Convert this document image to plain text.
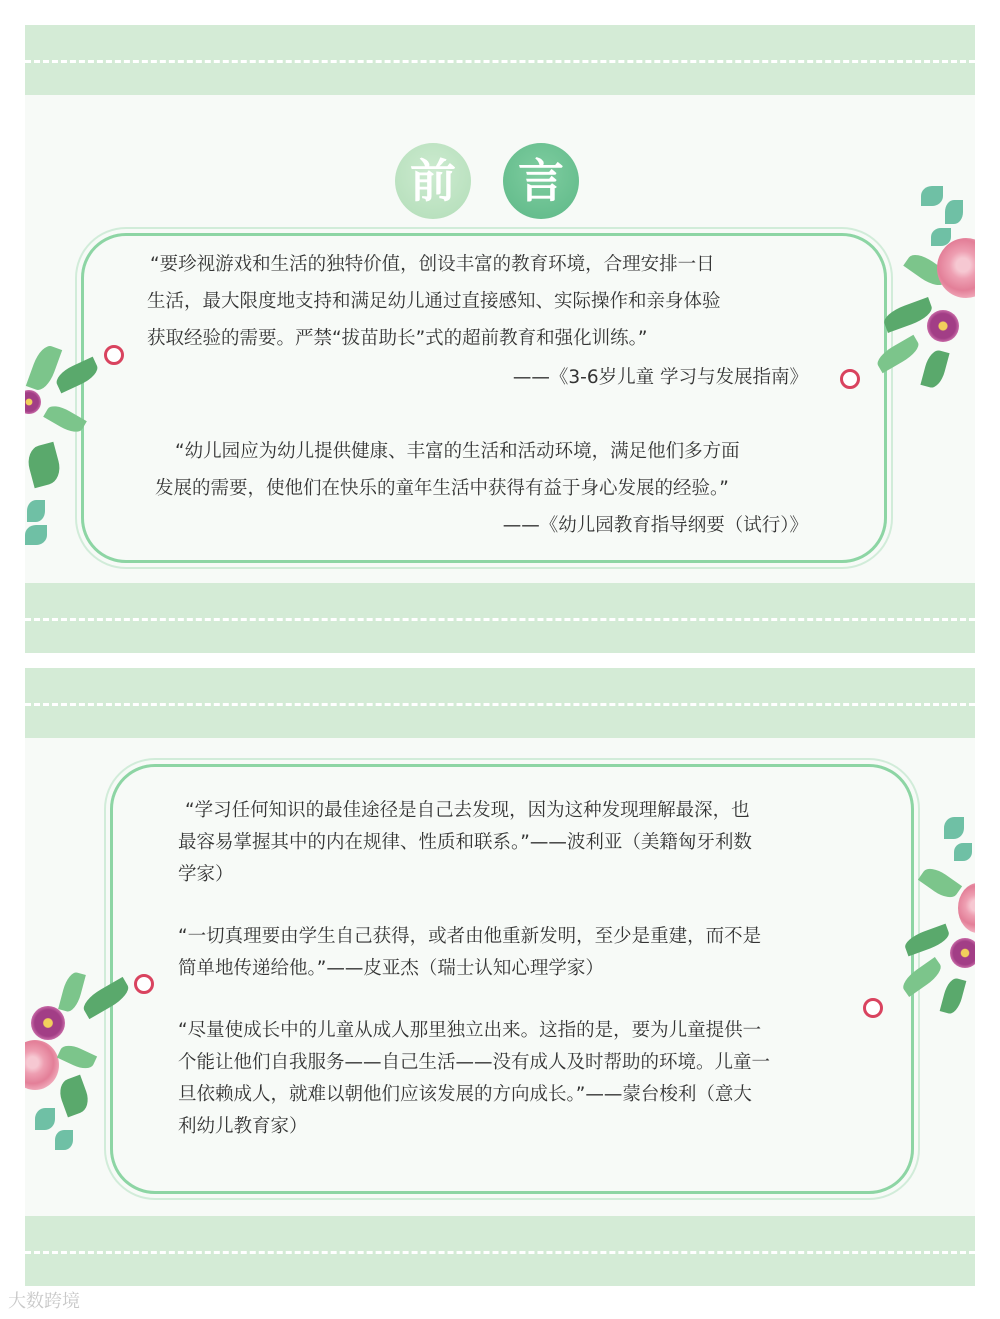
前	言

“要珍视游戏和生活的独特价值，创设丰富的教育环境，合理安排一日

生活，最大限度地支持和满足幼儿通过直接感知、实际操作和亲身体验

获取经验的需要。严禁“拔苗助长”式的超前教育和强化训练。”

——《3-6岁儿童 学习与发展指南》

“幼儿园应为幼儿提供健康、丰富的生活和活动环境，满足他们多方面

发展的需要，使他们在快乐的童年生活中获得有益于身心发展的经验。”

——《幼儿园教育指导纲要（试行）》

“学习任何知识的最佳途径是自己去发现，因为这种发现理解最深，也

最容易掌握其中的内在规律、性质和联系。”——波利亚（美籍匈牙利数

学家）

“一切真理要由学生自己获得，或者由他重新发明，至少是重建，而不是

简单地传递给他。”——皮亚杰（瑞士认知心理学家）

“尽量使成长中的儿童从成人那里独立出来。这指的是，要为儿童提供一

个能让他们自我服务——自己生活——没有成人及时帮助的环境。儿童一

旦依赖成人，就难以朝他们应该发展的方向成长。”——蒙台梭利（意大

利幼儿教育家）

大数跨境
